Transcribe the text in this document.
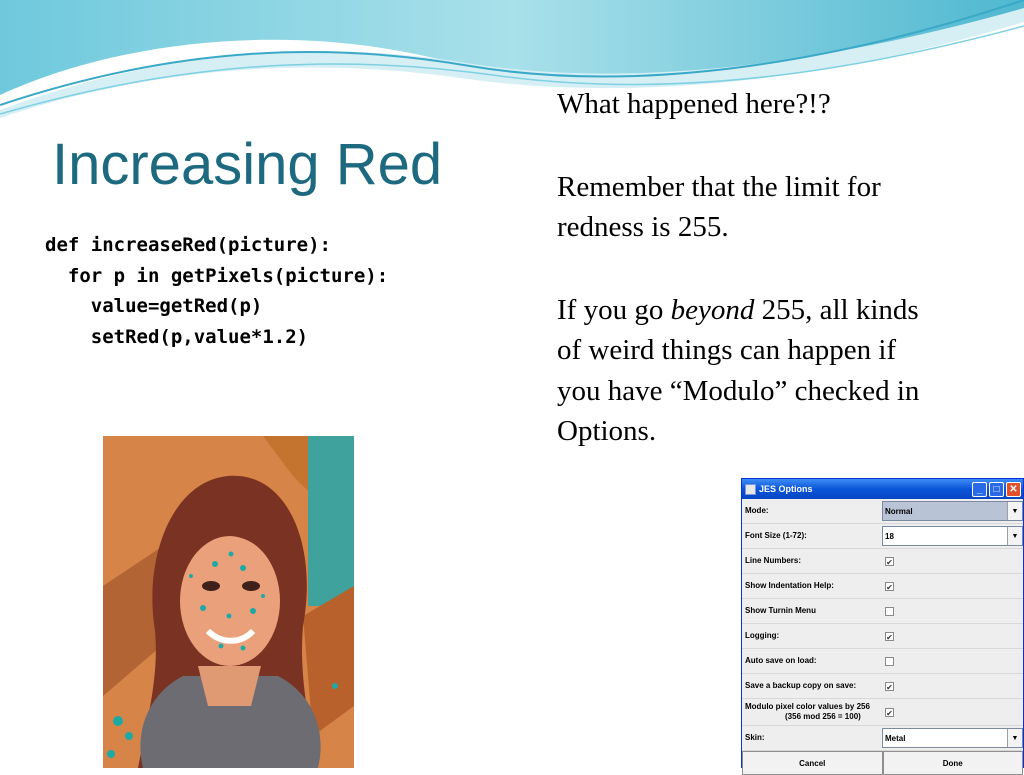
Increasing Red
def increaseRed(picture):
for p in getPixels(picture):
value=getRed(p)
setRed(p,value*1.2)

What happened here?!?

Remember that the limit for redness is 255.

If you go beyond 255, all kinds of weird things can happen if you have “Modulo” checked in Options.

JES Options	_	□ ✕
Mode:	Normal	▼
Font Size (1-72):	18	▼
Line Numbers:	✔
Show Indentation Help:	✔
Show Turnin Menu
Logging:	✔
Auto save on load:
Save a backup copy on save:	✔
Modulo pixel color values by 256
(356 mod 256 = 100)	✔
Skin:	Metal	▼
Cancel	Done
